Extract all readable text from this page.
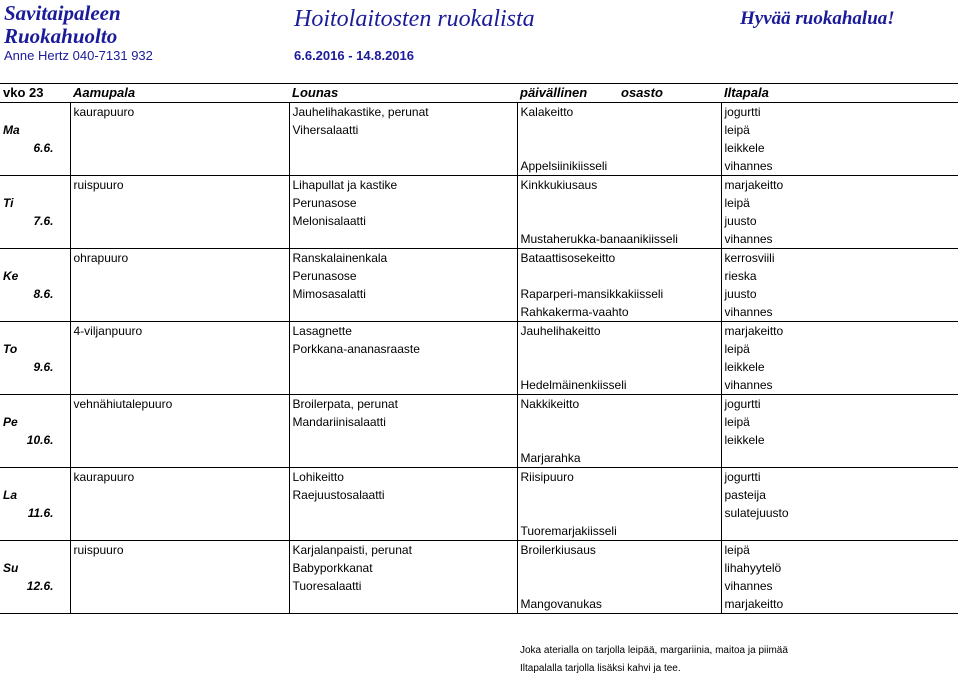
Savitaipaleen
Ruokahuolto
Anne Hertz 040-7131 932
Hoitolaitosten ruokalista
6.6.2016 - 14.8.2016
Hyvää ruokahalua!
vko 23	Aamupala	Lounas	päivällinen	osasto	Iltapala
	kaurapuuro	Jauhelihakastike, perunat	Kalakeitto		jogurtti
Ma		Vihersalaatti			leipä
6.6.					leikkele
			Appelsiinikiisseli		vihannes
	ruispuuro	Lihapullat ja kastike	Kinkkukiusaus		marjakeitto
Ti		Perunasose			leipä
7.6.		Melonisalaatti			juusto
			Mustaherukka-banaanikiisseli		vihannes
	ohrapuuro	Ranskalainenkala	Bataattisosekeitto		kerrosviili
Ke		Perunasose			rieska
8.6.		Mimosasalatti	Raparperi-mansikkakiisseli		juusto
			Rahkakerma-vaahto		vihannes
	4-viljanpuuro	Lasagnette	Jauhelihakeitto		marjakeitto
To		Porkkana-ananasraaste			leipä
9.6.					leikkele
			Hedelmäinenkiisseli		vihannes
	vehnähiutalepuuro	Broilerpata, perunat	Nakkikeitto		jogurtti
Pe		Mandariinisalaatti			leipä
10.6.					leikkele
			Marjarahka		
	kaurapuuro	Lohikeitto	Riisipuuro		jogurtti
La		Raejuustosalaatti			pasteija
11.6.					sulatejuusto
			Tuoremarjakiisseli		
	ruispuuro	Karjalanpaisti, perunat	Broilerkiusaus		leipä
Su		Babyporkkanat			lihahyytelö
12.6.		Tuoresalaatti			vihannes
			Mangovanukas		marjakeitto

Joka aterialla on tarjolla leipää, margariinia, maitoa ja piimää
Iltapalalla tarjolla lisäksi kahvi ja tee.
